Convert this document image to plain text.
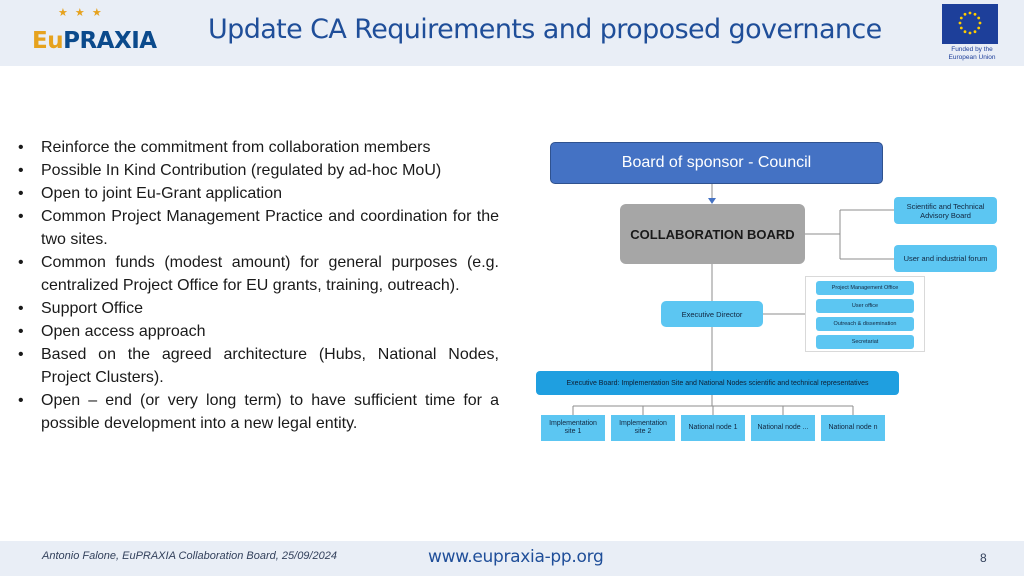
★ ★ ★
EuPRAXIA Update CA Requirements and proposed governance
Funded by the
European Union
• Reinforce the commitment from collaboration members
• Possible In Kind Contribution (regulated by ad-hoc MoU)
• Open to joint Eu-Grant application
• Common Project Management Practice and coordination for the two sites.
• Common funds (modest amount) for general purposes (e.g. centralized Project Office for EU grants, training, outreach).
• Support Office
• Open access approach
• Based on the agreed architecture (Hubs, National Nodes, Project Clusters).
• Open – end (or very long term) to have sufficient time for a possible development into a new legal entity.
Board of sponsor - Council
COLLABORATION BOARD
Scientific and Technical Advisory Board
User and industrial forum
Executive Director
Project Management Office
User office
Outreach & dissemination
Secretariat
Executive Board: Implementation Site and National Nodes scientific and technical representatives
Implementation site 1
Implementation site 2
National node 1	National node ...	National node n
Antonio Falone, EuPRAXIA Collaboration Board, 25/09/2024	www.eupraxia-pp.org	8
